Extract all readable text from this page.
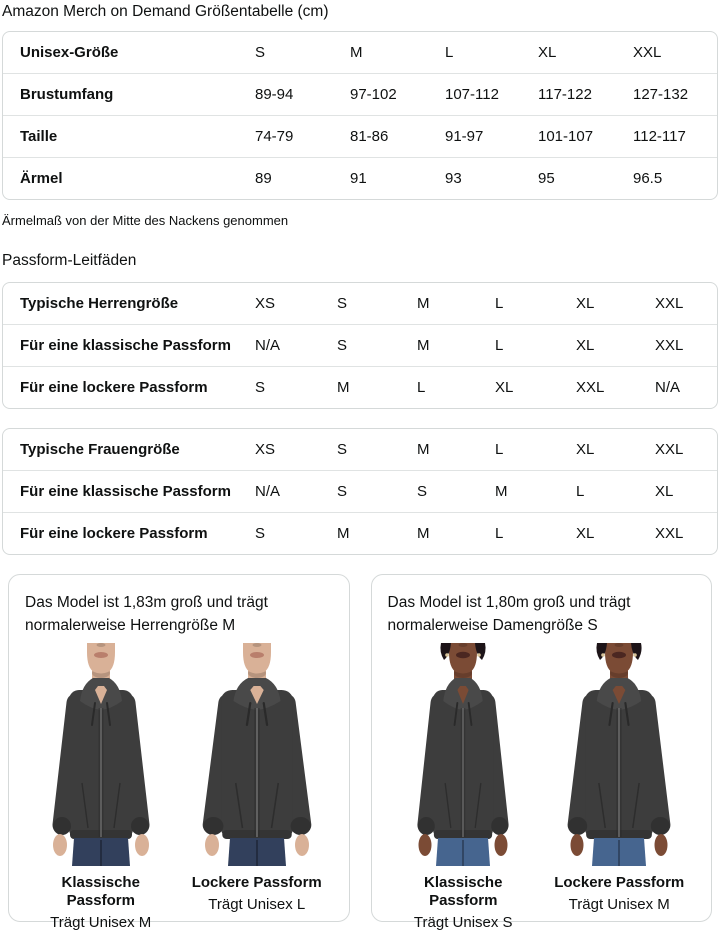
Amazon Merch on Demand Größentabelle (cm)
Unisex-Größe	S	M	L	XL	XXL
Brustumfang	89-94	97-102	107-112	117-122	127-132
Taille	74-79	81-86	91-97	101-107	112-117
Ärmel	89	91	93	95	96.5
Ärmelmaß von der Mitte des Nackens genommen
Passform-Leitfäden
Typische Herrengröße	XS	S	M	L	XL	XXL
Für eine klassische Passform	N/A	S	M	L	XL	XXL
Für eine lockere Passform	S	M	L	XL	XXL	N/A
Typische Frauengröße	XS	S	M	L	XL	XXL
Für eine klassische Passform	N/A	S	S	M	L	XL
Für eine lockere Passform	S	M	M	L	XL	XXL

Das Model ist 1,83m groß und trägt normalerweise Herrengröße M

Klassische Passform
Trägt Unisex M
Lockere Passform
Trägt Unisex L

Das Model ist 1,80m groß und trägt normalerweise Damengröße S

Klassische Passform
Trägt Unisex S
Lockere Passform
Trägt Unisex M
